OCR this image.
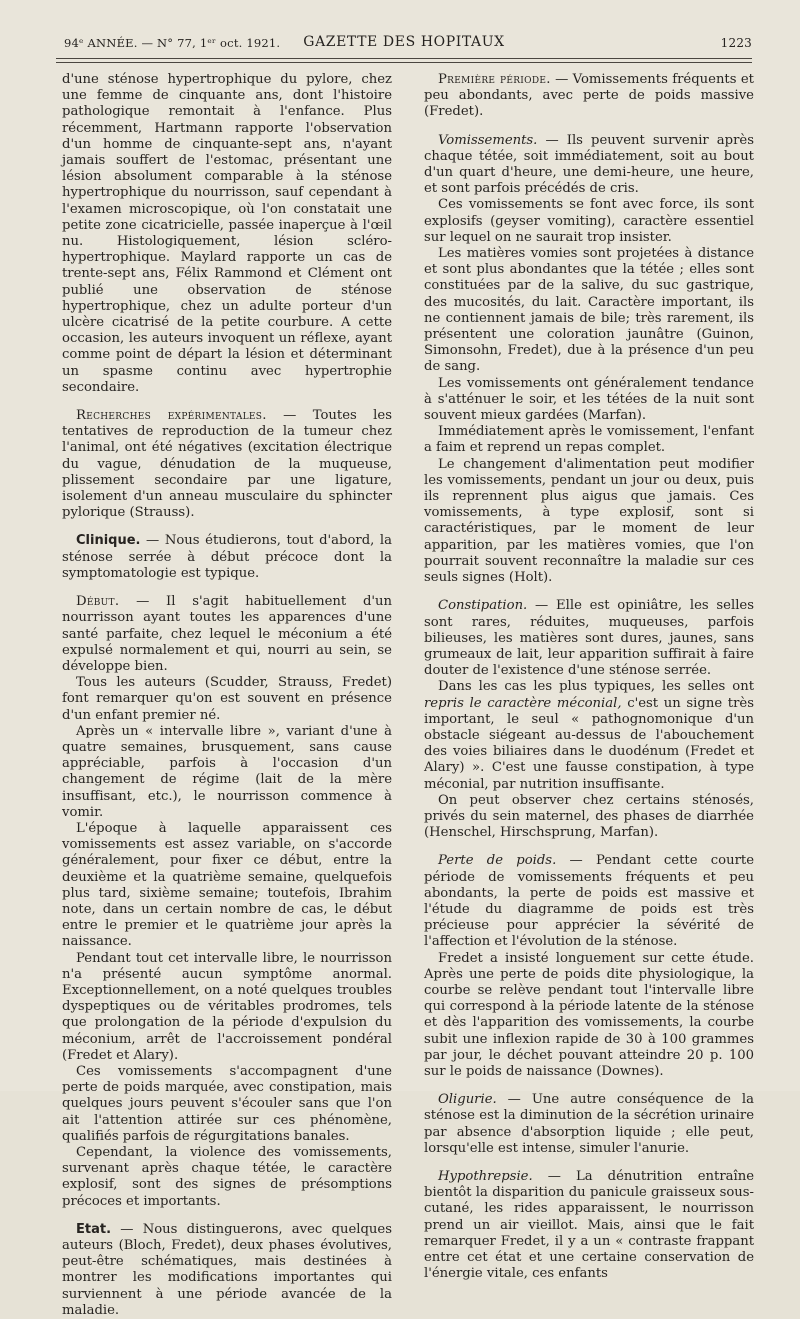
94ᵉ ANNÉE. — N° 77, 1ᵉʳ oct. 1921.	GAZETTE DES HOPITAUX	1223

d'une sténose hypertrophique du pylore, chez une femme de cinquante ans, dont l'histoire pathologique remontait à l'enfance. Plus récemment, Hartmann rapporte l'observation d'un homme de cinquante-sept ans, n'ayant jamais souffert de l'estomac, présentant une lésion absolument comparable à la sténose hypertrophique du nourrisson, sauf cependant à l'examen microscopique, où l'on constatait une petite zone cicatricielle, passée inaperçue à l'œil nu. Histologiquement, lésion scléro-hypertrophique. Maylard rapporte un cas de trente-sept ans, Félix Rammond et Clément ont publié une observation de sténose hypertrophique, chez un adulte porteur d'un ulcère cicatrisé de la petite courbure. A cette occasion, les auteurs invoquent un réflexe, ayant comme point de départ la lésion et déterminant un spasme continu avec hypertrophie secondaire.

Recherches expérimentales. — Toutes les tentatives de reproduction de la tumeur chez l'animal, ont été négatives (excitation électrique du vague, dénudation de la muqueuse, plissement secondaire par une ligature, isolement d'un anneau musculaire du sphincter pylorique (Strauss).

Clinique. — Nous étudierons, tout d'abord, la sténose serrée à début précoce dont la symptomatologie est typique.

Début. — Il s'agit habituellement d'un nourrisson ayant toutes les apparences d'une santé parfaite, chez lequel le méconium a été expulsé normalement et qui, nourri au sein, se développe bien.

Tous les auteurs (Scudder, Strauss, Fredet) font remarquer qu'on est souvent en présence d'un enfant premier né.

Après un « intervalle libre », variant d'une à quatre semaines, brusquement, sans cause appréciable, parfois à l'occasion d'un changement de régime (lait de la mère insuffisant, etc.), le nourrisson commence à vomir.

L'époque à laquelle apparaissent ces vomissements est assez variable, on s'accorde généralement, pour fixer ce début, entre la deuxième et la quatrième semaine, quelquefois plus tard, sixième semaine; toutefois, Ibrahim note, dans un certain nombre de cas, le début entre le premier et le quatrième jour après la naissance.

Pendant tout cet intervalle libre, le nourrisson n'a présenté aucun symptôme anormal. Exceptionnellement, on a noté quelques troubles dyspeptiques ou de véritables prodromes, tels que prolongation de la période d'expulsion du méconium, arrêt de l'accroissement pondéral (Fredet et Alary).

Ces vomissements s'accompagnent d'une perte de poids marquée, avec constipation, mais quelques jours peuvent s'écouler sans que l'on ait l'attention attirée sur ces phénomène, qualifiés parfois de régurgitations banales.

Cependant, la violence des vomissements, survenant après chaque tétée, le caractère explosif, sont des signes de présomptions précoces et importants.

Etat. — Nous distinguerons, avec quelques auteurs (Bloch, Fredet), deux phases évolutives, peut-être schématiques, mais destinées à montrer les modifications importantes qui surviennent à une période avancée de la maladie.

Première période. — Vomissements fréquents et peu abondants, avec perte de poids massive (Fredet).

Vomissements. — Ils peuvent survenir après chaque tétée, soit immédiatement, soit au bout d'un quart d'heure, une demi-heure, une heure, et sont parfois précédés de cris.

Ces vomissements se font avec force, ils sont explosifs (geyser vomiting), caractère essentiel sur lequel on ne saurait trop insister.

Les matières vomies sont projetées à distance et sont plus abondantes que la tétée ; elles sont constituées par de la salive, du suc gastrique, des mucosités, du lait. Caractère important, ils ne contiennent jamais de bile; très rarement, ils présentent une coloration jaunâtre (Guinon, Simonsohn, Fredet), due à la présence d'un peu de sang.

Les vomissements ont généralement tendance à s'atténuer le soir, et les tétées de la nuit sont souvent mieux gardées (Marfan).

Immédiatement après le vomissement, l'enfant a faim et reprend un repas complet.

Le changement d'alimentation peut modifier les vomissements, pendant un jour ou deux, puis ils reprennent plus aigus que jamais. Ces vomissements, à type explosif, sont si caractéristiques, par le moment de leur apparition, par les matières vomies, que l'on pourrait souvent reconnaître la maladie sur ces seuls signes (Holt).

Constipation. — Elle est opiniâtre, les selles sont rares, réduites, muqueuses, parfois bilieuses, les matières sont dures, jaunes, sans grumeaux de lait, leur apparition suffirait à faire douter de l'existence d'une sténose serrée.

Dans les cas les plus typiques, les selles ont repris le caractère méconial, c'est un signe très important, le seul « pathognomonique d'un obstacle siégeant au-dessus de l'abouchement des voies biliaires dans le duodénum (Fredet et Alary) ». C'est une fausse constipation, à type méconial, par nutrition insuffisante.

On peut observer chez certains sténosés, privés du sein maternel, des phases de diarrhée (Henschel, Hirschsprung, Marfan).

Perte de poids. — Pendant cette courte période de vomissements fréquents et peu abondants, la perte de poids est massive et l'étude du diagramme de poids est très précieuse pour apprécier la sévérité de l'affection et l'évolution de la sténose.

Fredet a insisté longuement sur cette étude. Après une perte de poids dite physiologique, la courbe se relève pendant tout l'intervalle libre qui correspond à la période latente de la sténose et dès l'apparition des vomissements, la courbe subit une inflexion rapide de 30 à 100 grammes par jour, le déchet pouvant atteindre 20 p. 100 sur le poids de naissance (Downes).

Oligurie. — Une autre conséquence de la sténose est la diminution de la sécrétion urinaire par absence d'absorption liquide ; elle peut, lorsqu'elle est intense, simuler l'anurie.

Hypothrepsie. — La dénutrition entraîne bientôt la disparition du panicule graisseux sous-cutané, les rides apparaissent, le nourrisson prend un air vieillot. Mais, ainsi que le fait remarquer Fredet, il y a un « contraste frappant entre cet état et une certaine conservation de l'énergie vitale, ces enfants
